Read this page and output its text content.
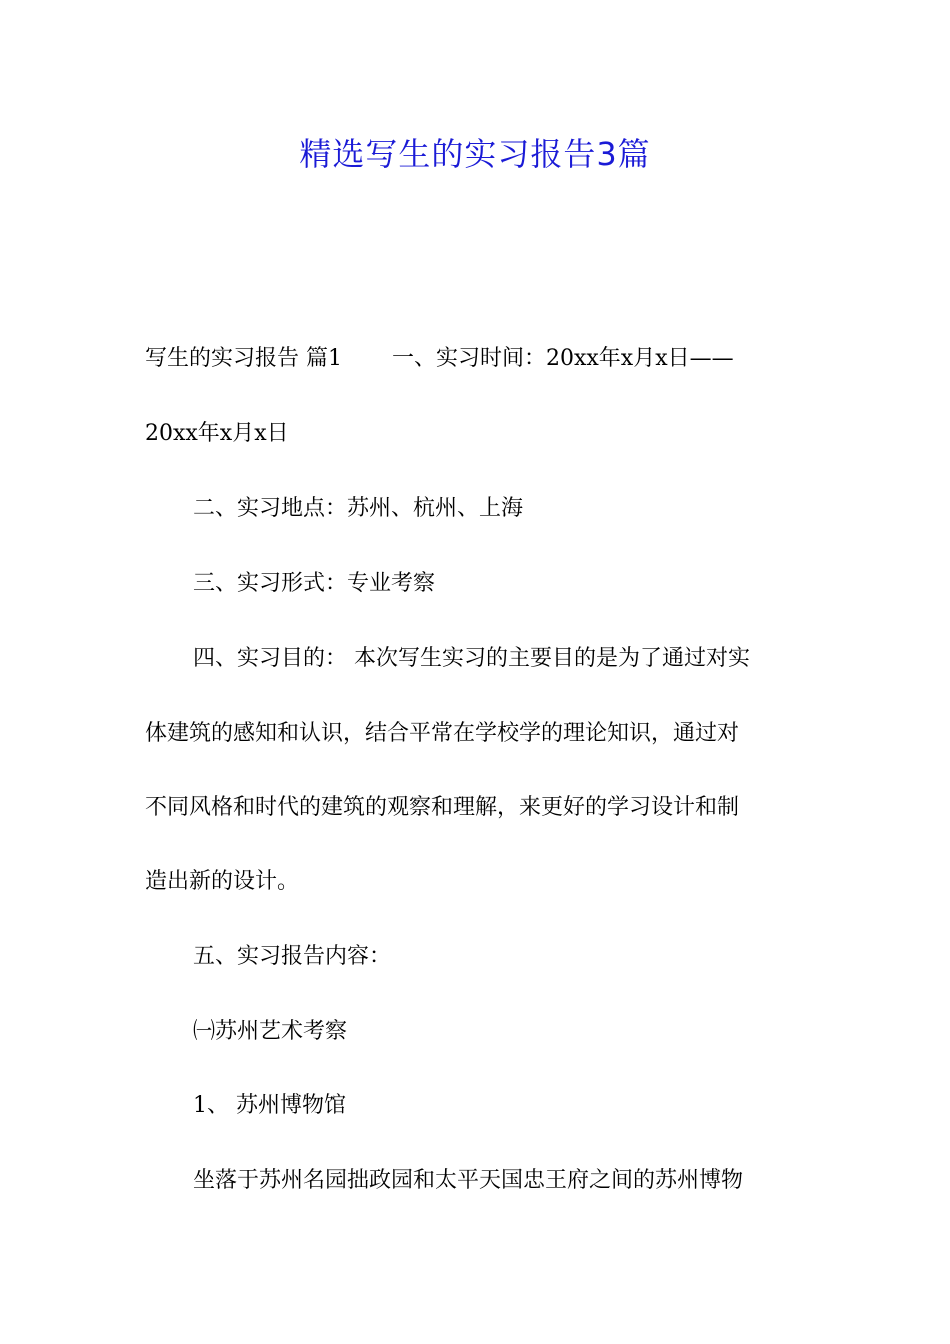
精选写生的实习报告3篇
写生的实习报告 篇1 一、实习时间：20xx年x月x日——
20xx年x月x日
二、实习地点：苏州、杭州、上海
三、实习形式：专业考察
四、实习目的： 本次写生实习的主要目的是为了通过对实
体建筑的感知和认识，结合平常在学校学的理论知识，通过对
不同风格和时代的建筑的观察和理解，来更好的学习设计和制
造出新的设计。
五、实习报告内容：
㈠苏州艺术考察
1、 苏州博物馆
坐落于苏州名园拙政园和太平天国忠王府之间的苏州博物
